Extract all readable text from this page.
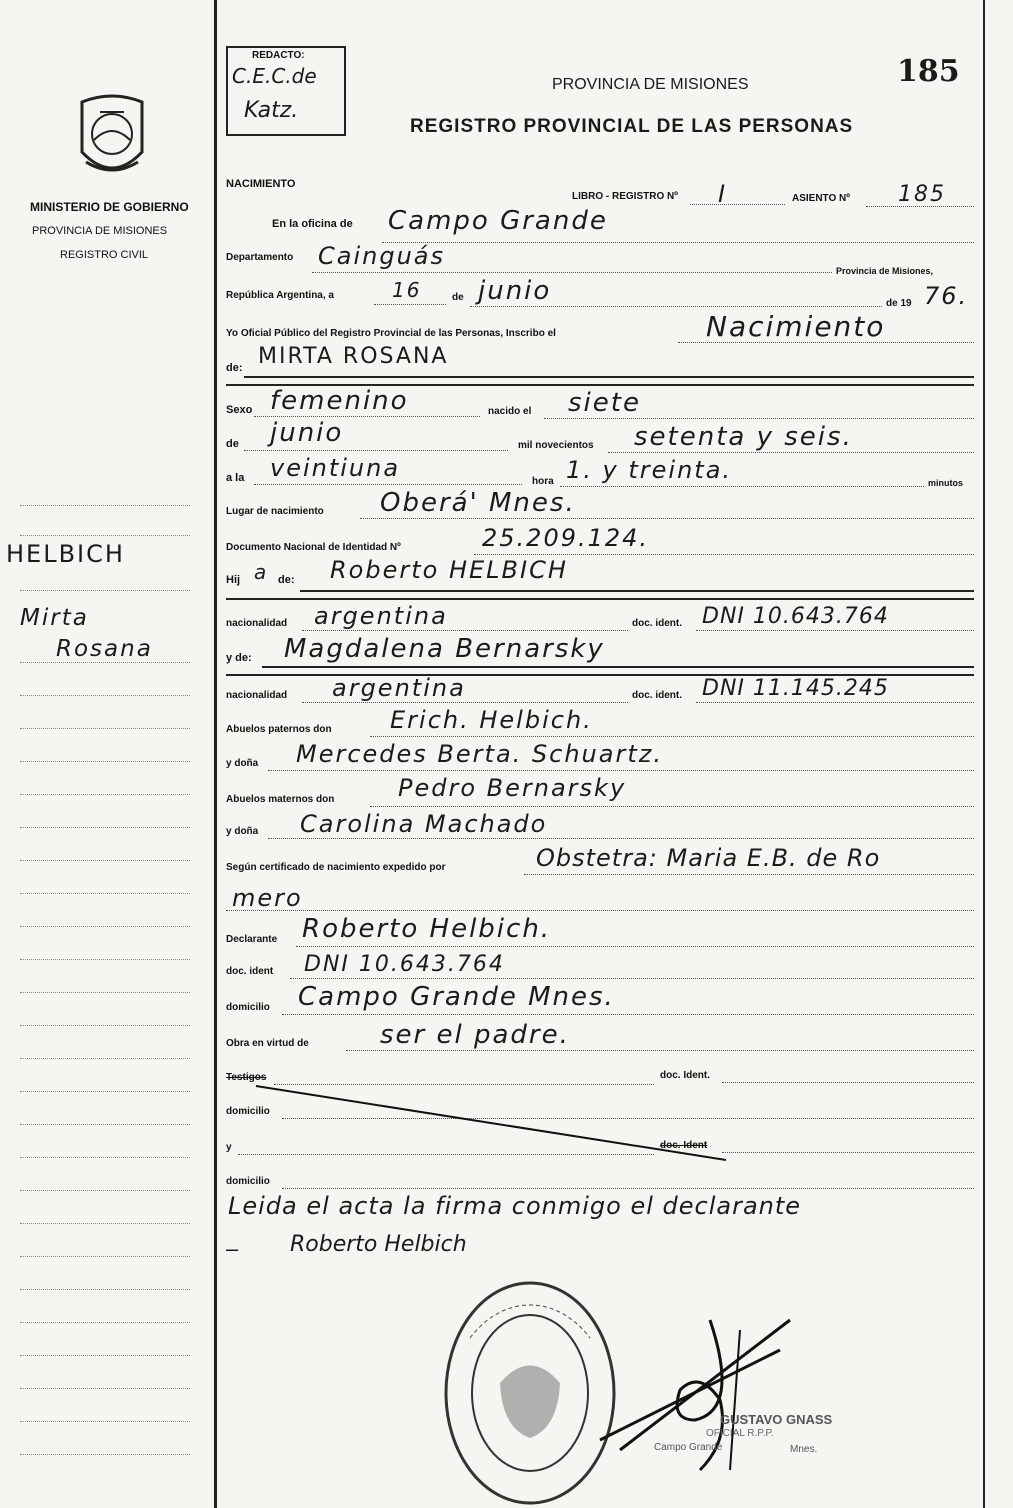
MINISTERIO DE GOBIERNO
PROVINCIA DE MISIONES
REGISTRO CIVIL
HELBICH
Mirta
Rosana
REDACTO:
C.E.C.de
Katz.
PROVINCIA DE MISIONES
REGISTRO PROVINCIAL DE LAS PERSONAS
185
NACIMIENTO
LIBRO - REGISTRO Nº I	ASIENTO Nº 185
En la oficina de Campo Grande
Departamento Cainguás
Provincia de Misiones,
República Argentina, a	16	de junio	de 19 76.
Yo Oficial Público del Registro Provincial de las Personas, Inscribo el	Nacimiento
de: MIRTA ROSANA
Sexo femenino	nacido el siete
de junio	mil novecientos setenta y seis.
a la veintiuna	hora 1. y treinta.	minutos
Lugar de nacimiento Oberá' Mnes.
Documento Nacional de Identidad Nº	25.209.124.
Hij a de: Roberto HELBICH
nacionalidad argentina	doc. ident. DNI 10.643.764
y de: Magdalena Bernarsky
nacionalidad argentina	doc. ident. DNI 11.145.245
Abuelos paternos don Erich. Helbich.
y doña Mercedes Berta. Schuartz.
Abuelos maternos don	Pedro Bernarsky
y doña Carolina Machado
Según certificado de nacimiento expedido por	Obstetra: Maria E.B. de Ro
mero
Declarante Roberto Helbich.
doc. ident DNI 10.643.764
domicilio Campo Grande Mnes.
Obra en virtud de	ser el padre.
Testigos	doc. Ident.
domicilio
y	doc. Ident
domicilio
Leida el acta la firma conmigo el declarante
Roberto Helbich
–
GUSTAVO GNASS
OFICIAL R.P.P.
Campo Grande	Mnes.
